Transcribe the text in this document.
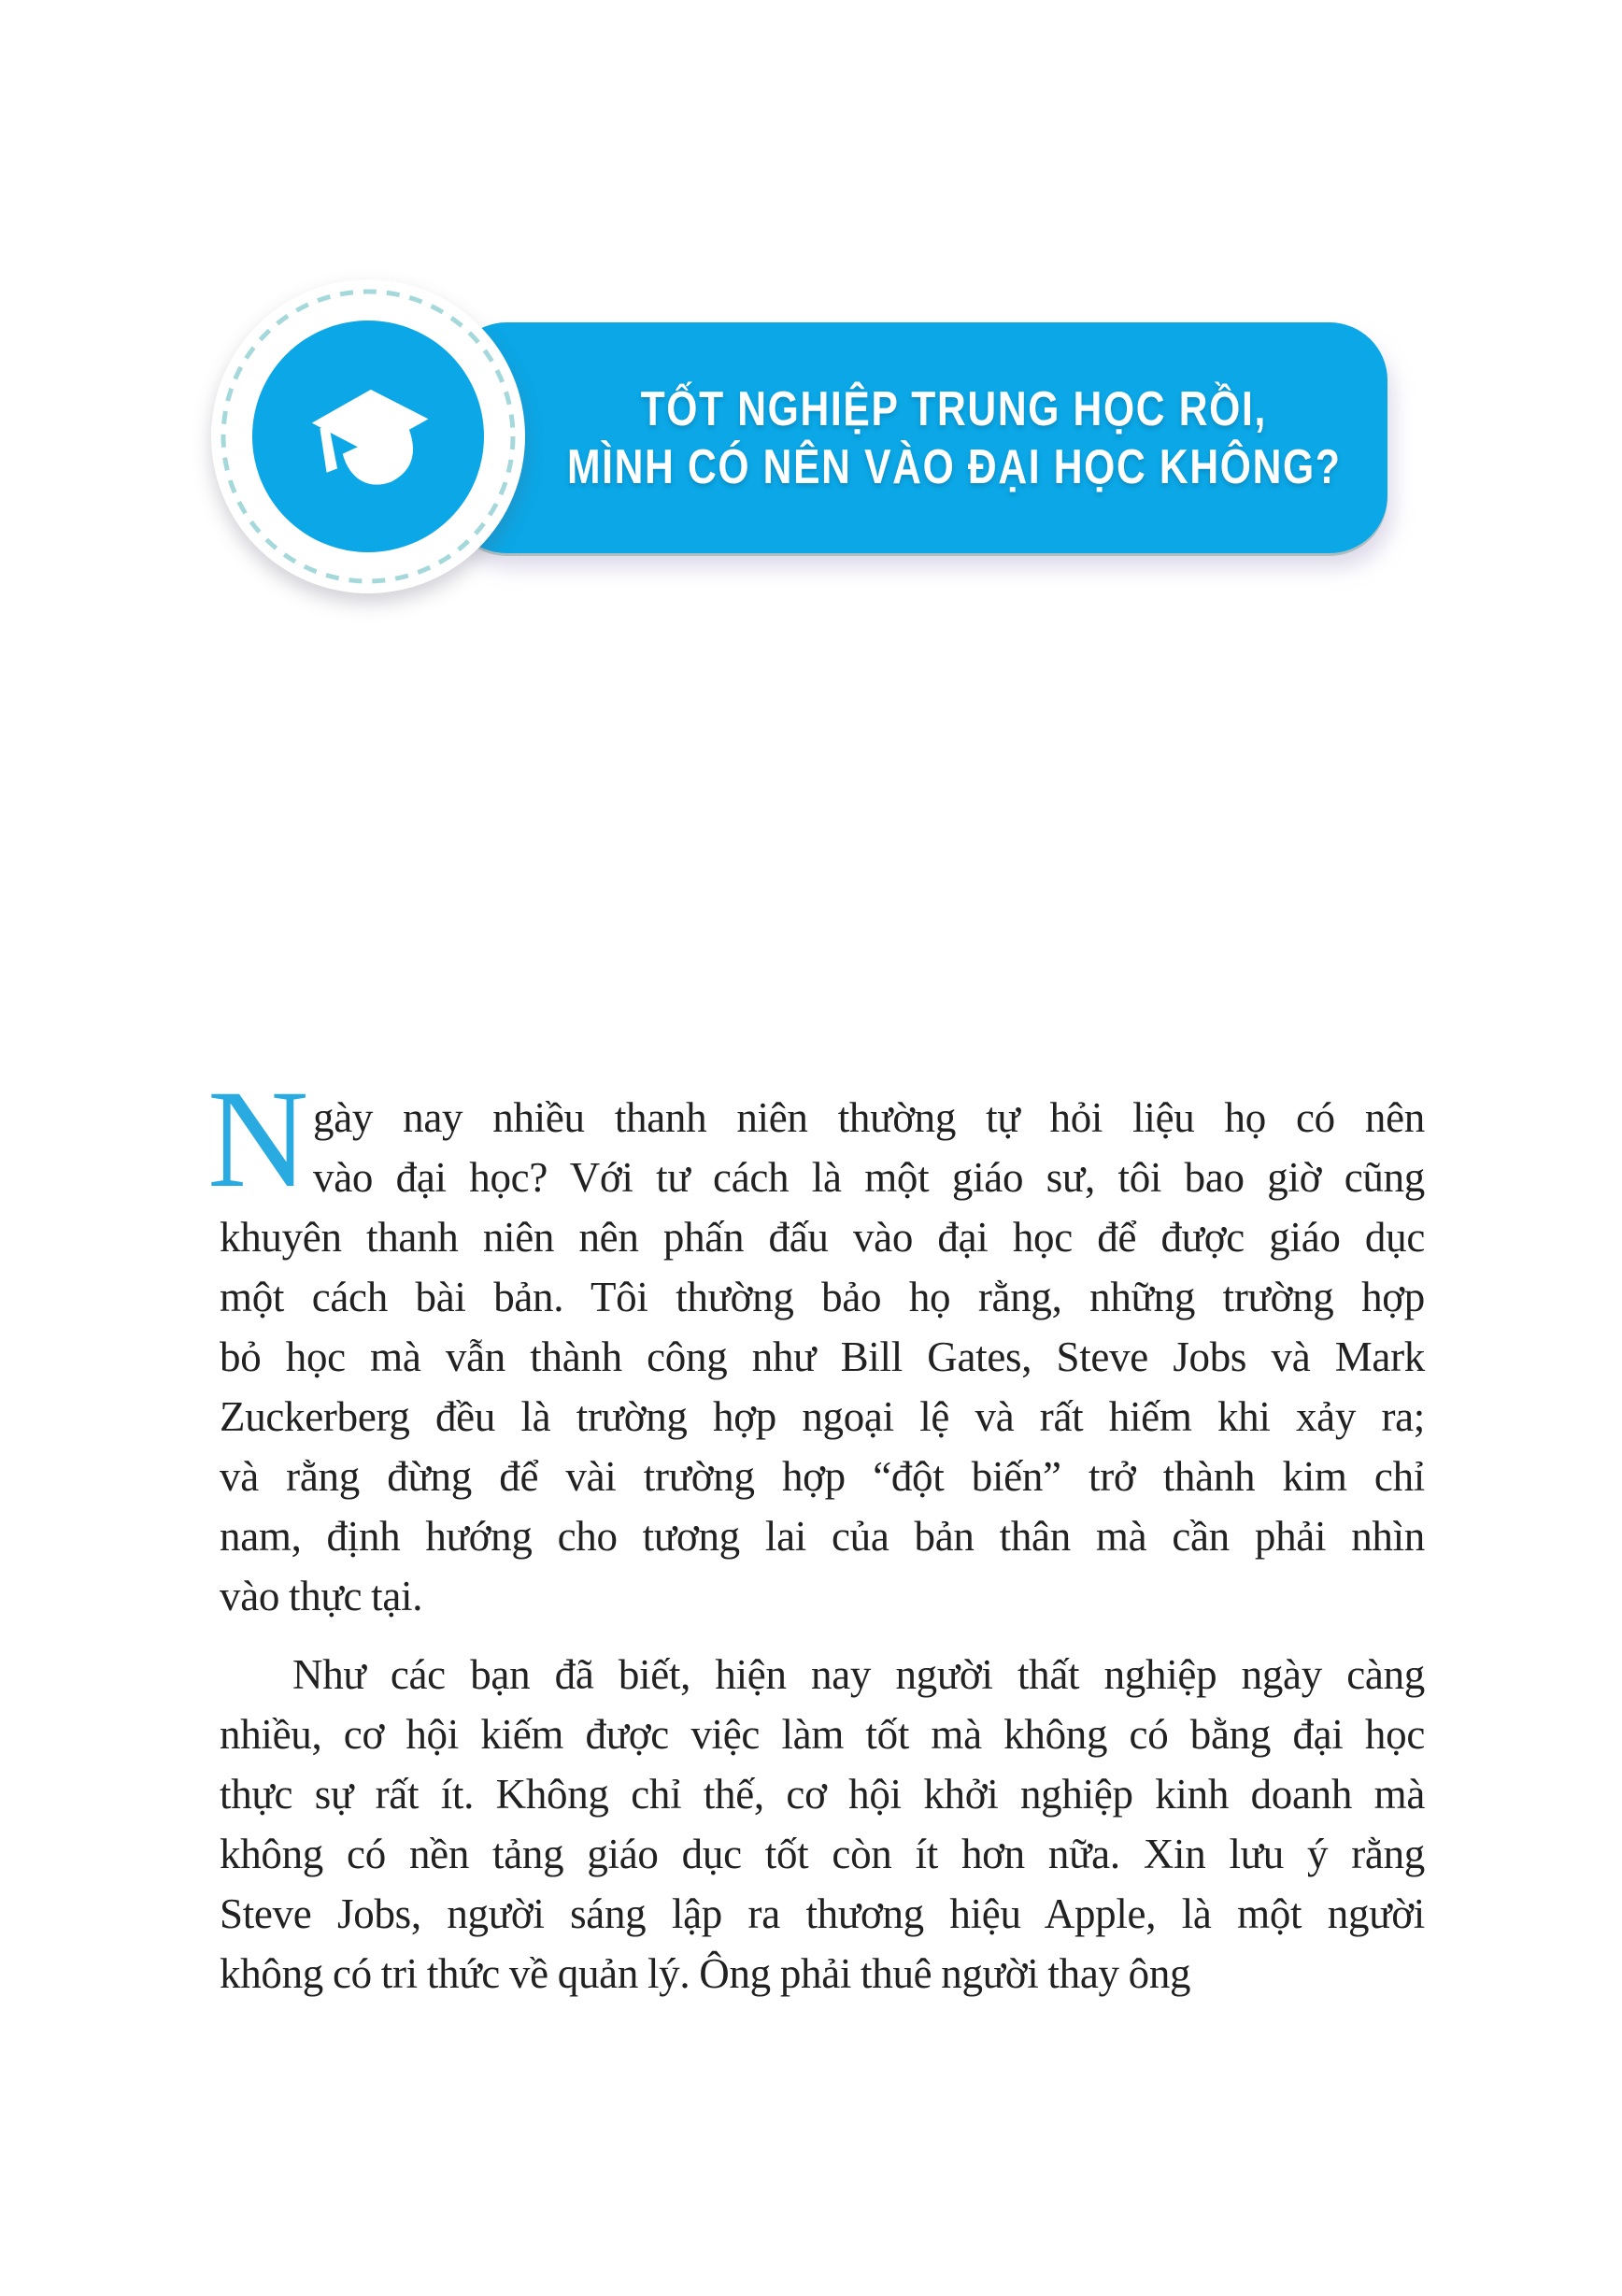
TỐT NGHIỆP TRUNG HỌC RỒI,
MÌNH CÓ NÊN VÀO ĐẠI HỌC KHÔNG?
N gày nay nhiều thanh niên thường tự hỏi liệu họ có nên
vào đại học? Với tư cách là một giáo sư, tôi bao giờ cũng
khuyên thanh niên nên phấn đấu vào đại học để được giáo dục
một cách bài bản. Tôi thường bảo họ rằng, những trường hợp
bỏ học mà vẫn thành công như Bill Gates, Steve Jobs và Mark
Zuckerberg đều là trường hợp ngoại lệ và rất hiếm khi xảy ra;
và rằng đừng để vài trường hợp “đột biến” trở thành kim chỉ
nam, định hướng cho tương lai của bản thân mà cần phải nhìn
vào thực tại.
Như các bạn đã biết, hiện nay người thất nghiệp ngày càng
nhiều, cơ hội kiếm được việc làm tốt mà không có bằng đại học
thực sự rất ít. Không chỉ thế, cơ hội khởi nghiệp kinh doanh mà
không có nền tảng giáo dục tốt còn ít hơn nữa. Xin lưu ý rằng
Steve Jobs, người sáng lập ra thương hiệu Apple, là một người
không có tri thức về quản lý. Ông phải thuê người thay ông
